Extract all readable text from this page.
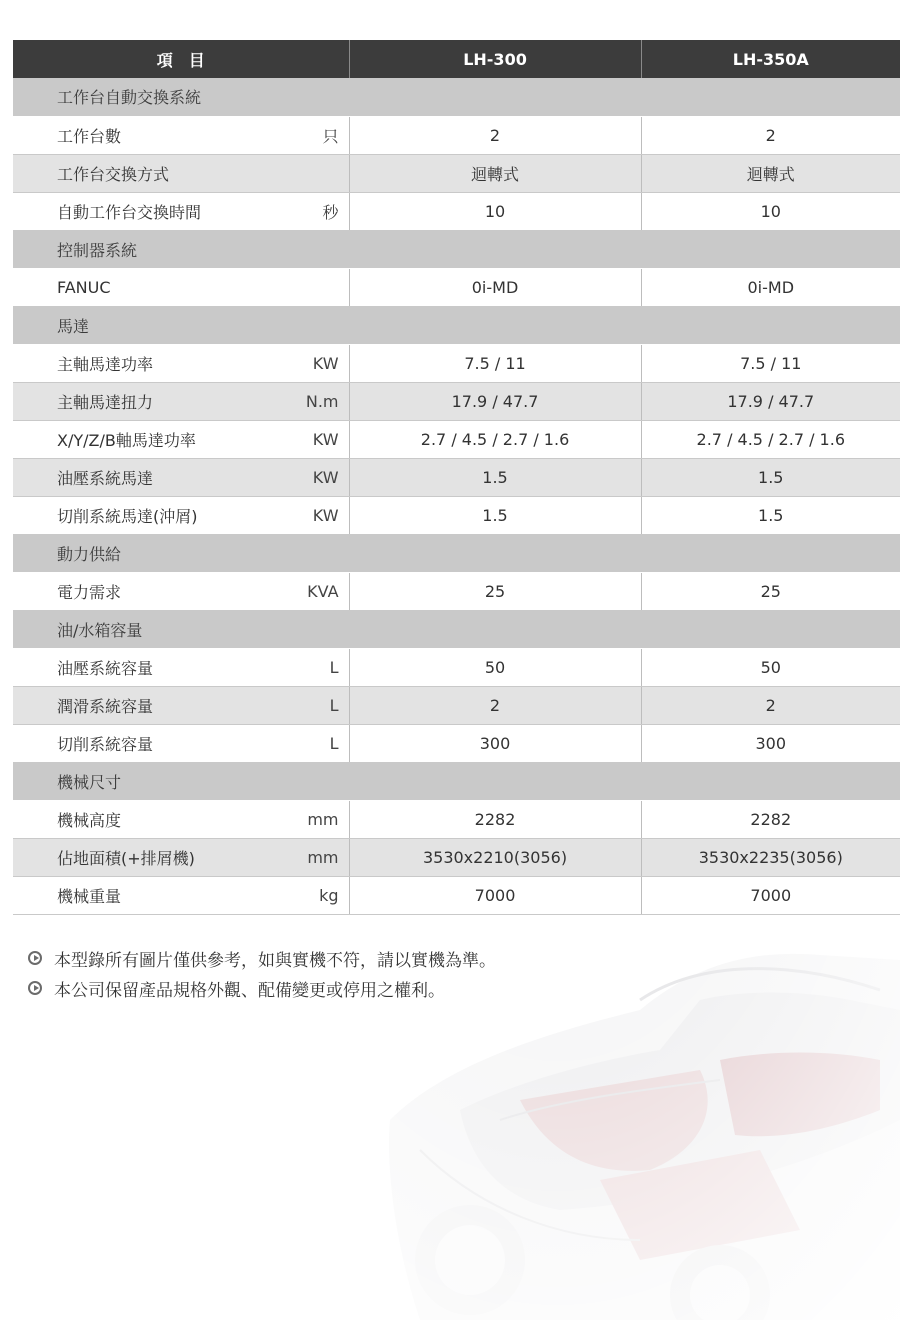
項　目		LH-300	LH-350A
工作台自動交換系統			
工作台數	只	2	2
工作台交換方式		迴轉式	迴轉式
自動工作台交換時間	秒	10	10
控制器系統			
FANUC		0i-MD	0i-MD
馬達			
主軸馬達功率	KW	7.5 / 11	7.5 / 11
主軸馬達扭力	N.m	17.9 / 47.7	17.9 / 47.7
X/Y/Z/B軸馬達功率	KW	2.7 / 4.5 / 2.7 / 1.6	2.7 / 4.5 / 2.7 / 1.6
油壓系統馬達	KW	1.5	1.5
切削系統馬達(沖屑)	KW	1.5	1.5
動力供給			
電力需求	KVA	25	25
油/水箱容量			
油壓系統容量	L	50	50
潤滑系統容量	L	2	2
切削系統容量	L	300	300
機械尺寸			
機械高度	mm	2282	2282
佔地面積(+排屑機)	mm	3530x2210(3056)	3530x2235(3056)
機械重量	kg	7000	7000
本型錄所有圖片僅供參考，如與實機不符，請以實機為準。
本公司保留產品規格外觀、配備變更或停用之權利。
